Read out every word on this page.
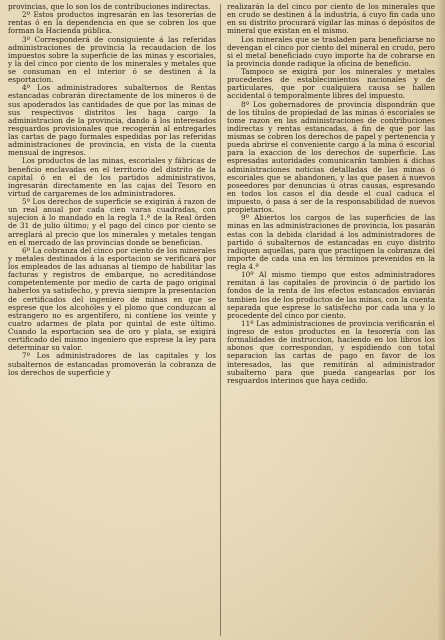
provincias, que lo son los de contribuciones indirectas.

2º Estos productos ingresarán en las tesorerías de rentas ó en la dependencia en que se cobren los que forman la Hacienda pública.

3º Corresponderá de consiguiente á las referidas administraciones de provincia la recaudacion de los impuestos sobre la superficie de las minas y escoriales, y la del cinco por ciento de los minerales y metales que se consuman en el interior ó se destinen á la esportacion.

4º Los administradores subalternos de Rentas estancadas cobrarán directamente de los mineros ó de sus apoderados las cantidades de que por las minas de sus respectivos distritos les haga cargo la administracion de la provincia, dando á los interesados resguardos provisionales que recogerán al entregarles las cartas de pago formales espedidas por las referidas administraciones de provincia, en vista de la cuenta mensual de ingresos.

Los productos de las minas, escoriales y fábricas de beneficio enclavadas en el territorio del distrito de la capital ó en el de los partidos administrativos, ingresarán directamente en las cajas del Tesoro en virtud de cargaremes de los administradores.

5º Los derechos de superficie se exigirán á razon de un real anual por cada cien varas cuadradas, con sujecion á lo mandado en la regla 1.ª de la Real órden de 31 de julio último; y el pago del cinco por ciento se arreglará al precio que los minerales y metales tengan en el mercado de las provincias donde se benefician.

6º La cobranza del cinco por ciento de los minerales y metales destinados á la esportacion se verificará por los empleados de las aduanas al tiempo de habilitar las facturas y registros de embarque, no acreditándose competentemente por medio de carta de pago original haberlos ya satisfecho, y previa siempre la presentacion de certificados del ingeniero de minas en que se esprese que los alcohóles y el plomo que conduzcan al estrangero no es argentífero, ni contiene los veinte y cuatro adarmes de plata por quintal de este último. Cuando la esportacion sea de oro y plata, se exigirá certificado del mismo ingeniero que esprese la ley para determinar su valor.

7º Los administradores de las capitales y los subalternos de estancadas promoverán la cobranza de los derechos de superficie y

realizarán la del cinco por ciento de los minerales que en crudo se destinen á la industria, á cuyo fin cada uno en su distrito procurará vigilar las minas ó depósitos de mineral que existan en el mismo.

Los minerales que se trasladen para beneficiarse no devengan el cinco por ciento del mineral en crudo, pero si el metal beneficiado cuyo importe ha de cobrarse en la provincia donde radique la oficina de beneficio.

Tampoco se exigirá por los minerales y metales procedentes de establecimientos nacionales y de particulares, que por cualquiera causa se hallen accidental ó temporalmente libres del impuesto.

8º Los gobernadores de provincia dispondrán que de los títulos de propiedad de las minas ó escoriales se tome razon en las administraciones de contribuciones indirectas y rentas estancadas, á fin de que por las mismas se cobren los derechos de papel y pertenencia y pueda abrirse el conveniente cargo á la mina ó escorial para la exaccion de los derechos de superficie. Las espresadas autoridades comunicarán tambien á dichas administraciones noticias detalladas de las minas ó escoriales que se abandonen, y las que pasen á nuevos poseedores por denuncias ú otras causas, espresando en todos los casos el dia desde el cual caduca el impuesto, ó pasa á ser de la responsabilidad de nuevos propietarios.

9º Abiertos los cargos de las superficies de las minas en las administraciones de provincia, los pasarán estas con la debida claridad á los administradores de partido ó subalternos de estancadas en cuyo distrito radiquen aquellas, para que practiquen la cobranza del importe de cada una en los términos prevenidos en la regla 4.ª

10º Al mismo tiempo que estos administradores remitan á las capitales de provincia ó de partido los fondos de la renta de los efectos estancados enviarán tambien los de los productos de las minas, con la cuenta separada que esprese lo satisfecho por cada una y lo procedente del cinco por ciento.

11º Las administraciones de provincia verificarán el ingreso de estos productos en la tesorería con las formalidades de instruccion, haciendo en los libros los abonos que correspondan, y espidiendo con total separacion las cartas de pago en favor de los interesados, las que remitirán al administrador subalterno para que pueda cangearlas por los resguardos interinos que haya cedido.
